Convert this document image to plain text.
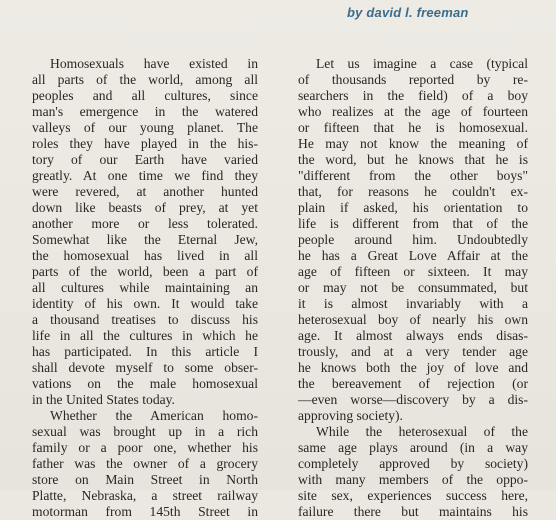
by david l. freeman
Homosexuals have existed in
all parts of the world, among all
peoples and all cultures, since
man's emergence in the watered
valleys of our young planet. The
roles they have played in the his-
tory of our Earth have varied
greatly. At one time we find they
were revered, at another hunted
down like beasts of prey, at yet
another more or less tolerated.
Somewhat like the Eternal Jew,
the homosexual has lived in all
parts of the world, been a part of
all cultures while maintaining an
identity of his own. It would take
a thousand treatises to discuss his
life in all the cultures in which he
has participated. In this article I
shall devote myself to some obser-
vations on the male homosexual
in the United States today.
Whether the American homo-
sexual was brought up in a rich
family or a poor one, whether his
father was the owner of a grocery
store on Main Street in North
Platte, Nebraska, a street railway
motorman from 145th Street in
Let us imagine a case (typical
of thousands reported by re-
searchers in the field) of a boy
who realizes at the age of fourteen
or fifteen that he is homosexual.
He may not know the meaning of
the word, but he knows that he is
"different from the other boys"
that, for reasons he couldn't ex-
plain if asked, his orientation to
life is different from that of the
people around him. Undoubtedly
he has a Great Love Affair at the
age of fifteen or sixteen. It may
or may not be consummated, but
it is almost invariably with a
heterosexual boy of nearly his own
age. It almost always ends disas-
trously, and at a very tender age
he knows both the joy of love and
the bereavement of rejection (or
—even worse—discovery by a dis-
approving society).
While the heterosexual of the
same age plays around (in a way
completely approved by society)
with many members of the oppo-
site sex, experiences success here,
failure there but maintains his
